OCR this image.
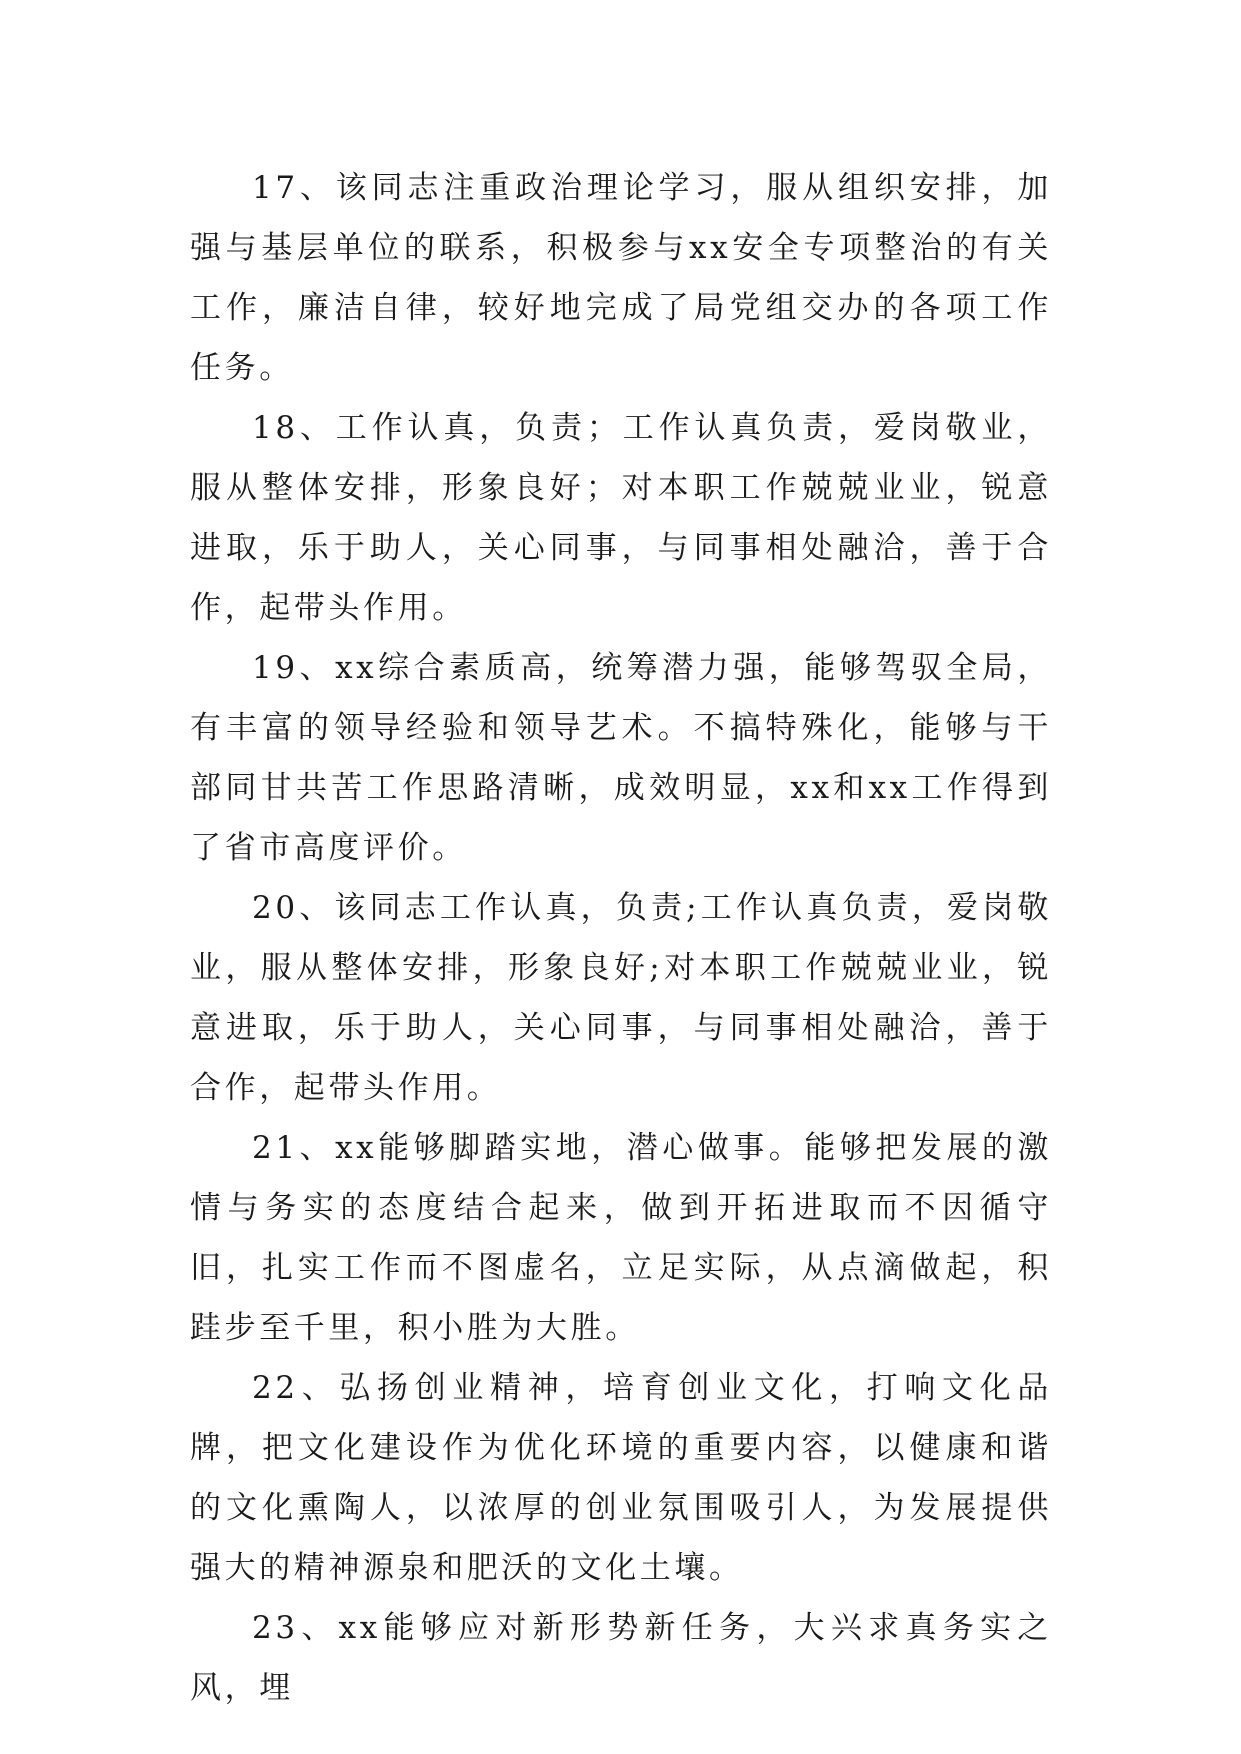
17、该同志注重政治理论学习，服从组织安排，加强与基层单位的联系，积极参与xx安全专项整治的有关工作，廉洁自律，较好地完成了局党组交办的各项工作任务。

18、工作认真，负责；工作认真负责，爱岗敬业，服从整体安排，形象良好；对本职工作兢兢业业，锐意进取，乐于助人，关心同事，与同事相处融洽，善于合作，起带头作用。

19、xx综合素质高，统筹潜力强，能够驾驭全局，有丰富的领导经验和领导艺术。不搞特殊化，能够与干部同甘共苦工作思路清晰，成效明显，xx和xx工作得到了省市高度评价。

20、该同志工作认真，负责;工作认真负责，爱岗敬业，服从整体安排，形象良好;对本职工作兢兢业业，锐意进取，乐于助人，关心同事，与同事相处融洽，善于合作，起带头作用。

21、xx能够脚踏实地，潜心做事。能够把发展的激情与务实的态度结合起来，做到开拓进取而不因循守旧，扎实工作而不图虚名，立足实际，从点滴做起，积跬步至千里，积小胜为大胜。

22、弘扬创业精神，培育创业文化，打响文化品牌，把文化建设作为优化环境的重要内容，以健康和谐的文化熏陶人，以浓厚的创业氛围吸引人，为发展提供强大的精神源泉和肥沃的文化土壤。

23、xx能够应对新形势新任务，大兴求真务实之风，埋
